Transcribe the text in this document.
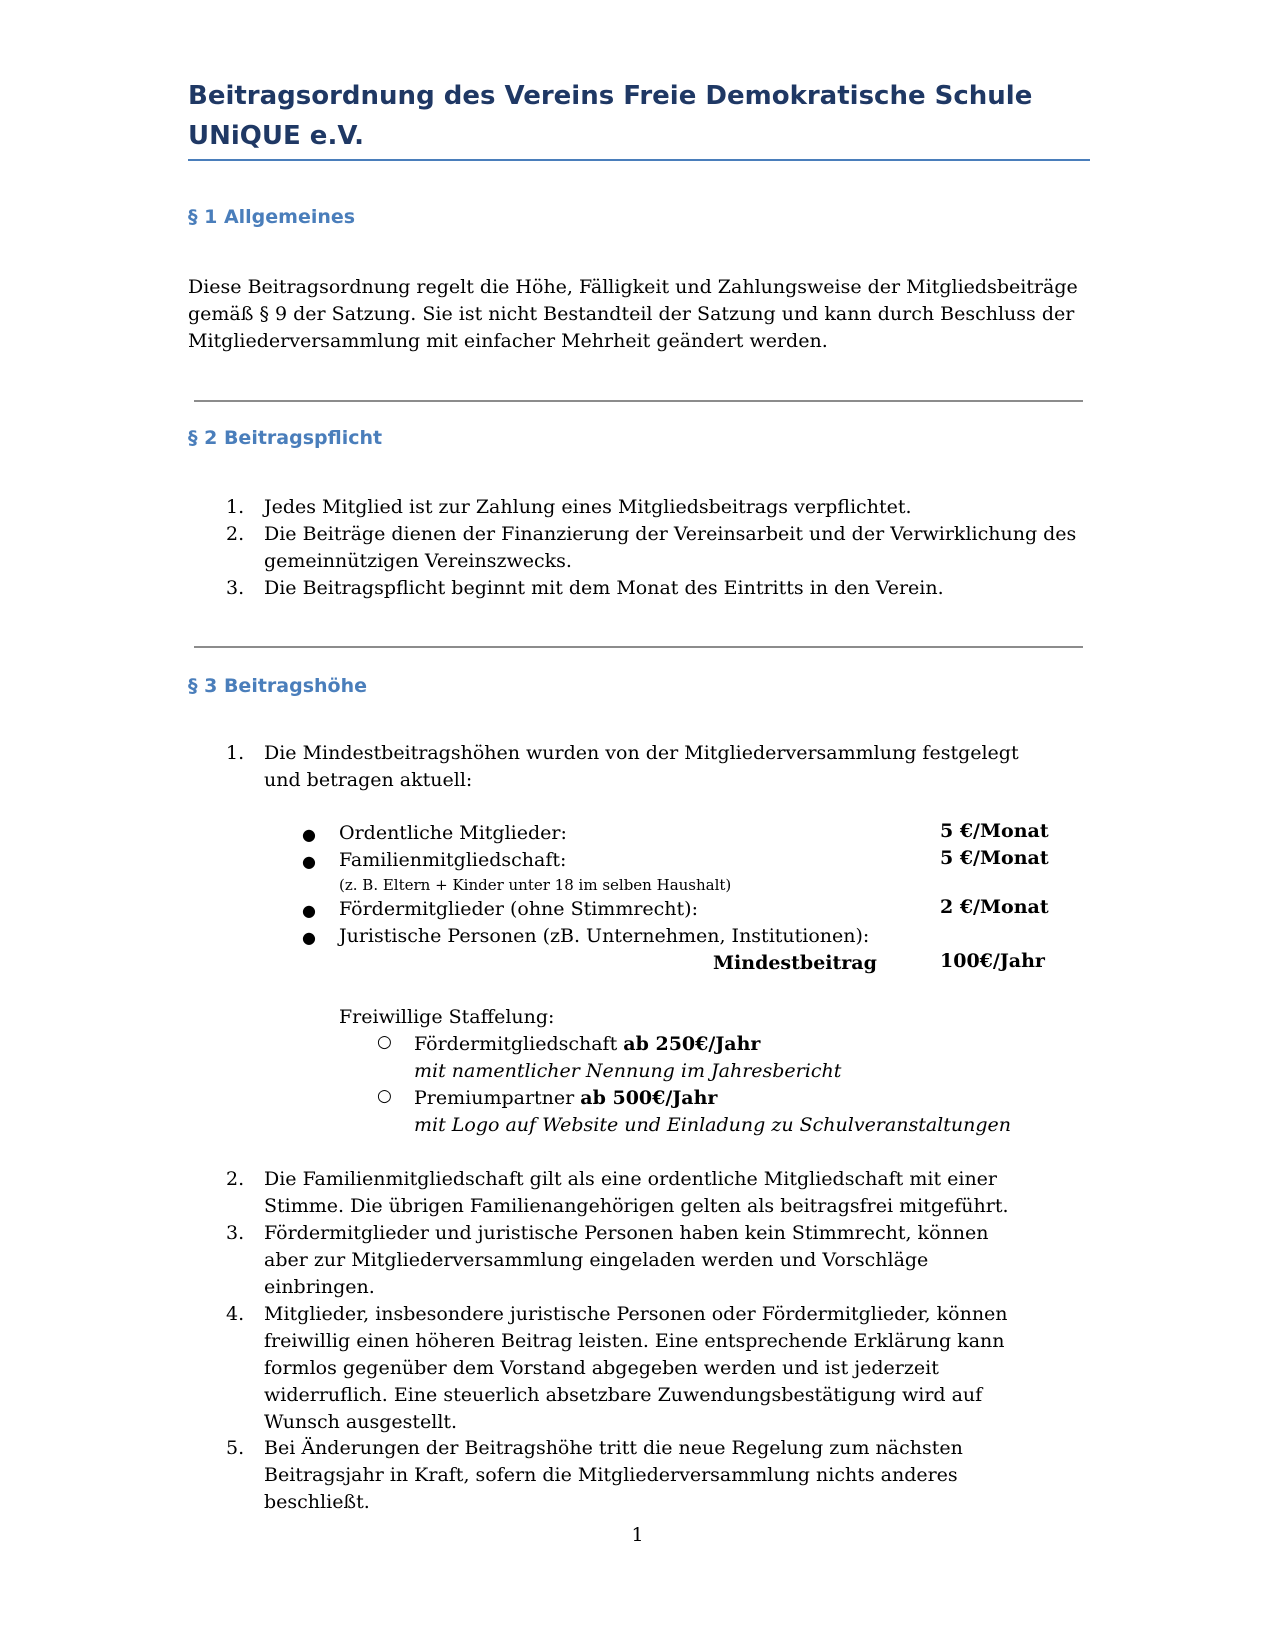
Beitragsordnung des Vereins Freie Demokratische Schule UNiQUE e.V.
§ 1 Allgemeines
Diese Beitragsordnung regelt die Höhe, Fälligkeit und Zahlungsweise der Mitgliedsbeiträge gemäß § 9 der Satzung. Sie ist nicht Bestandteil der Satzung und kann durch Beschluss der Mitgliederversammlung mit einfacher Mehrheit geändert werden.
§ 2 Beitragspflicht
1. Jedes Mitglied ist zur Zahlung eines Mitgliedsbeitrags verpflichtet.
2. Die Beiträge dienen der Finanzierung der Vereinsarbeit und der Verwirklichung des gemeinnützigen Vereinszwecks.
3. Die Beitragspflicht beginnt mit dem Monat des Eintritts in den Verein.
§ 3 Beitragshöhe
1. Die Mindestbeitragshöhen wurden von der Mitgliederversammlung festgelegt und betragen aktuell:
● Ordentliche Mitglieder:	5 €/Monat
● Familienmitgliedschaft:	5 €/Monat
(z. B. Eltern + Kinder unter 18 im selben Haushalt)
● Fördermitglieder (ohne Stimmrecht):	2 €/Monat
● Juristische Personen (zB. Unternehmen, Institutionen):
Mindestbeitrag	100€/Jahr
Freiwillige Staffelung:
○ Fördermitgliedschaft ab 250€/Jahr
mit namentlicher Nennung im Jahresbericht
○ Premiumpartner ab 500€/Jahr
mit Logo auf Website und Einladung zu Schulveranstaltungen
2. Die Familienmitgliedschaft gilt als eine ordentliche Mitgliedschaft mit einer Stimme. Die übrigen Familienangehörigen gelten als beitragsfrei mitgeführt.
3. Fördermitglieder und juristische Personen haben kein Stimmrecht, können aber zur Mitgliederversammlung eingeladen werden und Vorschläge einbringen.
4. Mitglieder, insbesondere juristische Personen oder Fördermitglieder, können freiwillig einen höheren Beitrag leisten. Eine entsprechende Erklärung kann formlos gegenüber dem Vorstand abgegeben werden und ist jederzeit widerruflich. Eine steuerlich absetzbare Zuwendungsbestätigung wird auf Wunsch ausgestellt.
5. Bei Änderungen der Beitragshöhe tritt die neue Regelung zum nächsten Beitragsjahr in Kraft, sofern die Mitgliederversammlung nichts anderes beschließt.
1
